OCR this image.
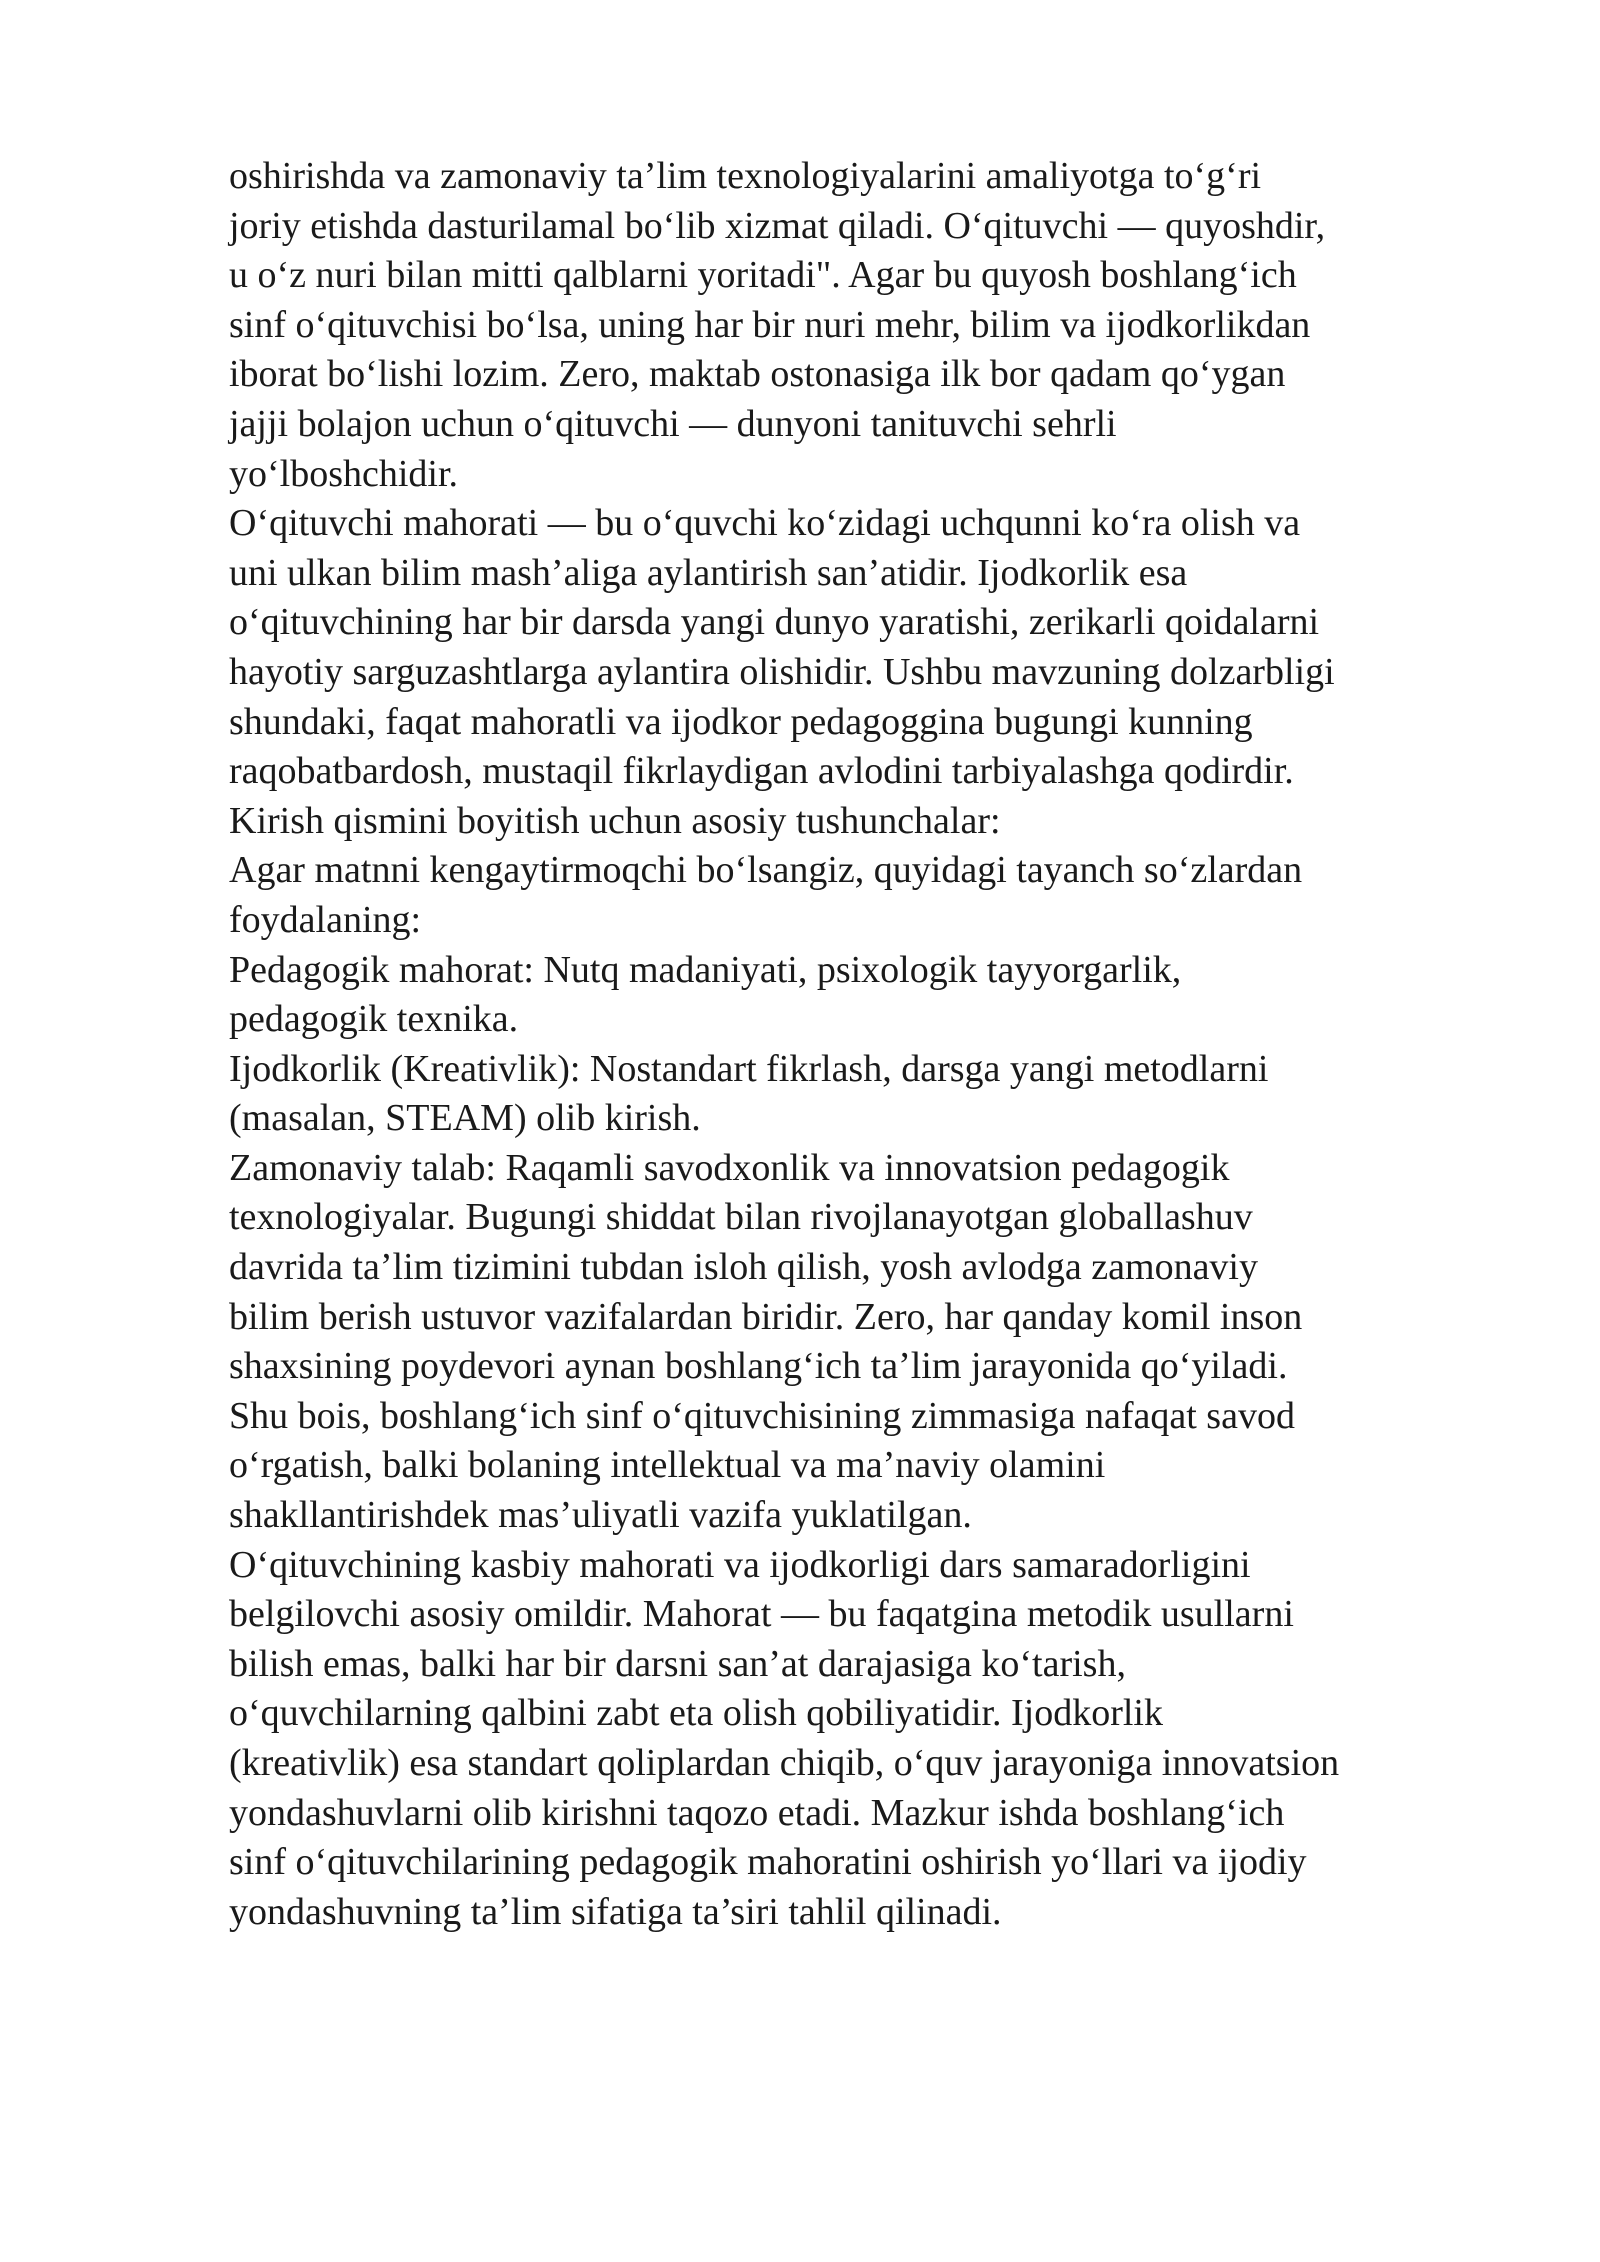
oshirishda va zamonaviy ta’lim texnologiyalarini amaliyotga to‘g‘ri
joriy etishda dasturilamal bo‘lib xizmat qiladi. O‘qituvchi — quyoshdir,
u o‘z nuri bilan mitti qalblarni yoritadi". Agar bu quyosh boshlang‘ich
sinf o‘qituvchisi bo‘lsa, uning har bir nuri mehr, bilim va ijodkorlikdan
iborat bo‘lishi lozim. Zero, maktab ostonasiga ilk bor qadam qo‘ygan
jajji bolajon uchun o‘qituvchi — dunyoni tanituvchi sehrli
yo‘lboshchidir.
O‘qituvchi mahorati — bu o‘quvchi ko‘zidagi uchqunni ko‘ra olish va
uni ulkan bilim mash’aliga aylantirish san’atidir. Ijodkorlik esa
o‘qituvchining har bir darsda yangi dunyo yaratishi, zerikarli qoidalarni
hayotiy sarguzashtlarga aylantira olishidir. Ushbu mavzuning dolzarbligi
shundaki, faqat mahoratli va ijodkor pedagoggina bugungi kunning
raqobatbardosh, mustaqil fikrlaydigan avlodini tarbiyalashga qodirdir.
Kirish qismini boyitish uchun asosiy tushunchalar:
Agar matnni kengaytirmoqchi bo‘lsangiz, quyidagi tayanch so‘zlardan
foydalaning:
Pedagogik mahorat: Nutq madaniyati, psixologik tayyorgarlik,
pedagogik texnika.
Ijodkorlik (Kreativlik): Nostandart fikrlash, darsga yangi metodlarni
(masalan, STEAM) olib kirish.
Zamonaviy talab: Raqamli savodxonlik va innovatsion pedagogik
texnologiyalar. Bugungi shiddat bilan rivojlanayotgan globallashuv
davrida ta’lim tizimini tubdan isloh qilish, yosh avlodga zamonaviy
bilim berish ustuvor vazifalardan biridir. Zero, har qanday komil inson
shaxsining poydevori aynan boshlang‘ich ta’lim jarayonida qo‘yiladi.
Shu bois, boshlang‘ich sinf o‘qituvchisining zimmasiga nafaqat savod
o‘rgatish, balki bolaning intellektual va ma’naviy olamini
shakllantirishdek mas’uliyatli vazifa yuklatilgan.
O‘qituvchining kasbiy mahorati va ijodkorligi dars samaradorligini
belgilovchi asosiy omildir. Mahorat — bu faqatgina metodik usullarni
bilish emas, balki har bir darsni san’at darajasiga ko‘tarish,
o‘quvchilarning qalbini zabt eta olish qobiliyatidir. Ijodkorlik
(kreativlik) esa standart qoliplardan chiqib, o‘quv jarayoniga innovatsion
yondashuvlarni olib kirishni taqozo etadi. Mazkur ishda boshlang‘ich
sinf o‘qituvchilarining pedagogik mahoratini oshirish yo‘llari va ijodiy
yondashuvning ta’lim sifatiga ta’siri tahlil qilinadi.
